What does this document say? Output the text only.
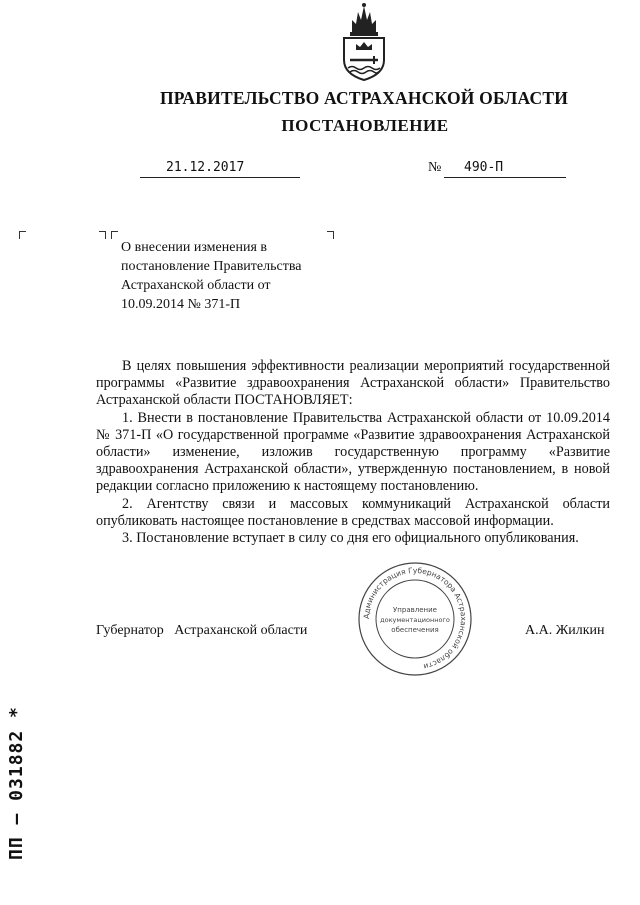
ПРАВИТЕЛЬСТВО АСТРАХАНСКОЙ ОБЛАСТИ
ПОСТАНОВЛЕНИЕ
21.12.2017	№ 490-П
О внесении изменения в постановление Правительства Астраханской области от 10.09.2014 № 371-П

В целях повышения эффективности реализации мероприятий государственной программы «Развитие здравоохранения Астраханской области» Правительство Астраханской области ПОСТАНОВЛЯЕТ:

1. Внести в постановление Правительства Астраханской области от 10.09.2014 № 371-П «О государственной программе «Развитие здравоохранения Астраханской области» изменение, изложив государственную программу «Развитие здравоохранения Астраханской области», утвержденную постановлением, в новой редакции согласно приложению к настоящему постановлению.

2. Агентству связи и массовых коммуникаций Астраханской области опубликовать настоящее постановление в средствах массовой информации.

3. Постановление вступает в силу со дня его официального опубликования.

Администрация Губернатора Астраханской области
Управление
документационного
обеспечения
Губернатор   Астраханской области	А.А. Жилкин
ПП – 031882 *
